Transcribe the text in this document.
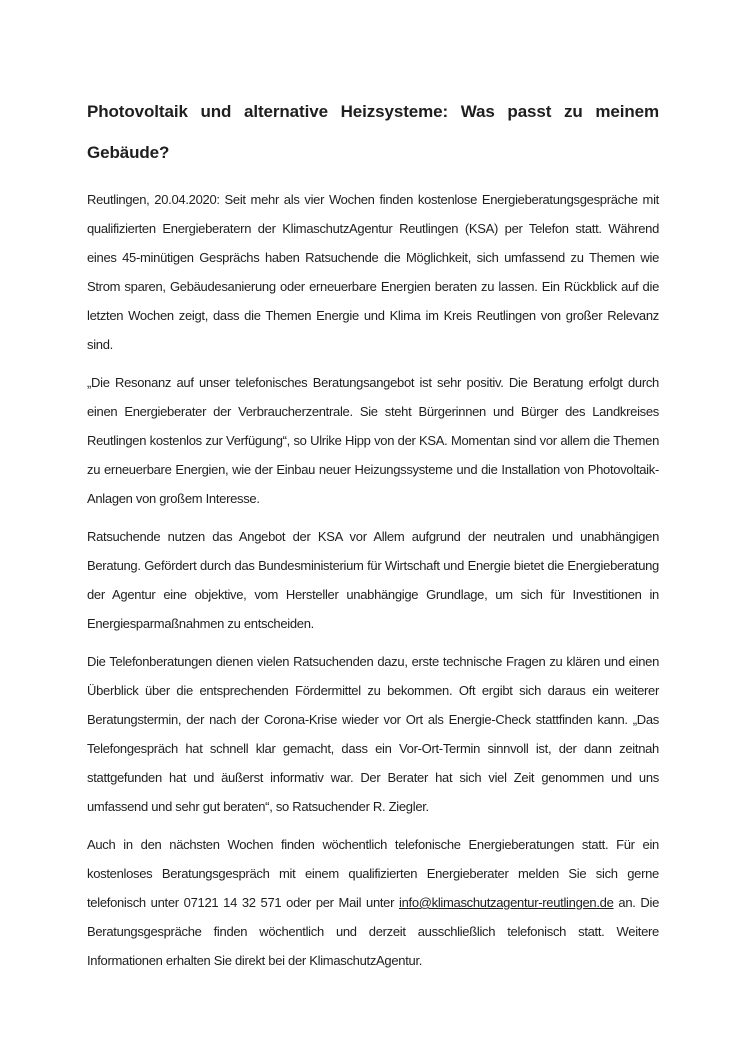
Photovoltaik und alternative Heizsysteme: Was passt zu meinem Gebäude?

Reutlingen, 20.04.2020: Seit mehr als vier Wochen finden kostenlose Energieberatungsgespräche mit qualifizierten Energieberatern der KlimaschutzAgentur Reutlingen (KSA) per Telefon statt. Während eines 45-minütigen Gesprächs haben Ratsuchende die Möglichkeit, sich umfassend zu Themen wie Strom sparen, Gebäudesanierung oder erneuerbare Energien beraten zu lassen. Ein Rückblick auf die letzten Wochen zeigt, dass die Themen Energie und Klima im Kreis Reutlingen von großer Relevanz sind.

„Die Resonanz auf unser telefonisches Beratungsangebot ist sehr positiv. Die Beratung erfolgt durch einen Energieberater der Verbraucherzentrale. Sie steht Bürgerinnen und Bürger des Landkreises Reutlingen kostenlos zur Verfügung“, so Ulrike Hipp von der KSA. Momentan sind vor allem die Themen zu erneuerbare Energien, wie der Einbau neuer Heizungssysteme und die Installation von Photovoltaik-Anlagen von großem Interesse.

Ratsuchende nutzen das Angebot der KSA vor Allem aufgrund der neutralen und unabhängigen Beratung. Gefördert durch das Bundesministerium für Wirtschaft und Energie bietet die Energieberatung der Agentur eine objektive, vom Hersteller unabhängige Grundlage, um sich für Investitionen in Energiesparmaßnahmen zu entscheiden.

Die Telefonberatungen dienen vielen Ratsuchenden dazu, erste technische Fragen zu klären und einen Überblick über die entsprechenden Fördermittel zu bekommen. Oft ergibt sich daraus ein weiterer Beratungstermin, der nach der Corona-Krise wieder vor Ort als Energie-Check stattfinden kann. „Das Telefongespräch hat schnell klar gemacht, dass ein Vor-Ort-Termin sinnvoll ist, der dann zeitnah stattgefunden hat und äußerst informativ war. Der Berater hat sich viel Zeit genommen und uns umfassend und sehr gut beraten“, so Ratsuchender R. Ziegler.

Auch in den nächsten Wochen finden wöchentlich telefonische Energieberatungen statt. Für ein kostenloses Beratungsgespräch mit einem qualifizierten Energieberater melden Sie sich gerne telefonisch unter 07121 14 32 571 oder per Mail unter info@klimaschutzagentur-reutlingen.de an. Die Beratungsgespräche finden wöchentlich und derzeit ausschließlich telefonisch statt. Weitere Informationen erhalten Sie direkt bei der KlimaschutzAgentur.
